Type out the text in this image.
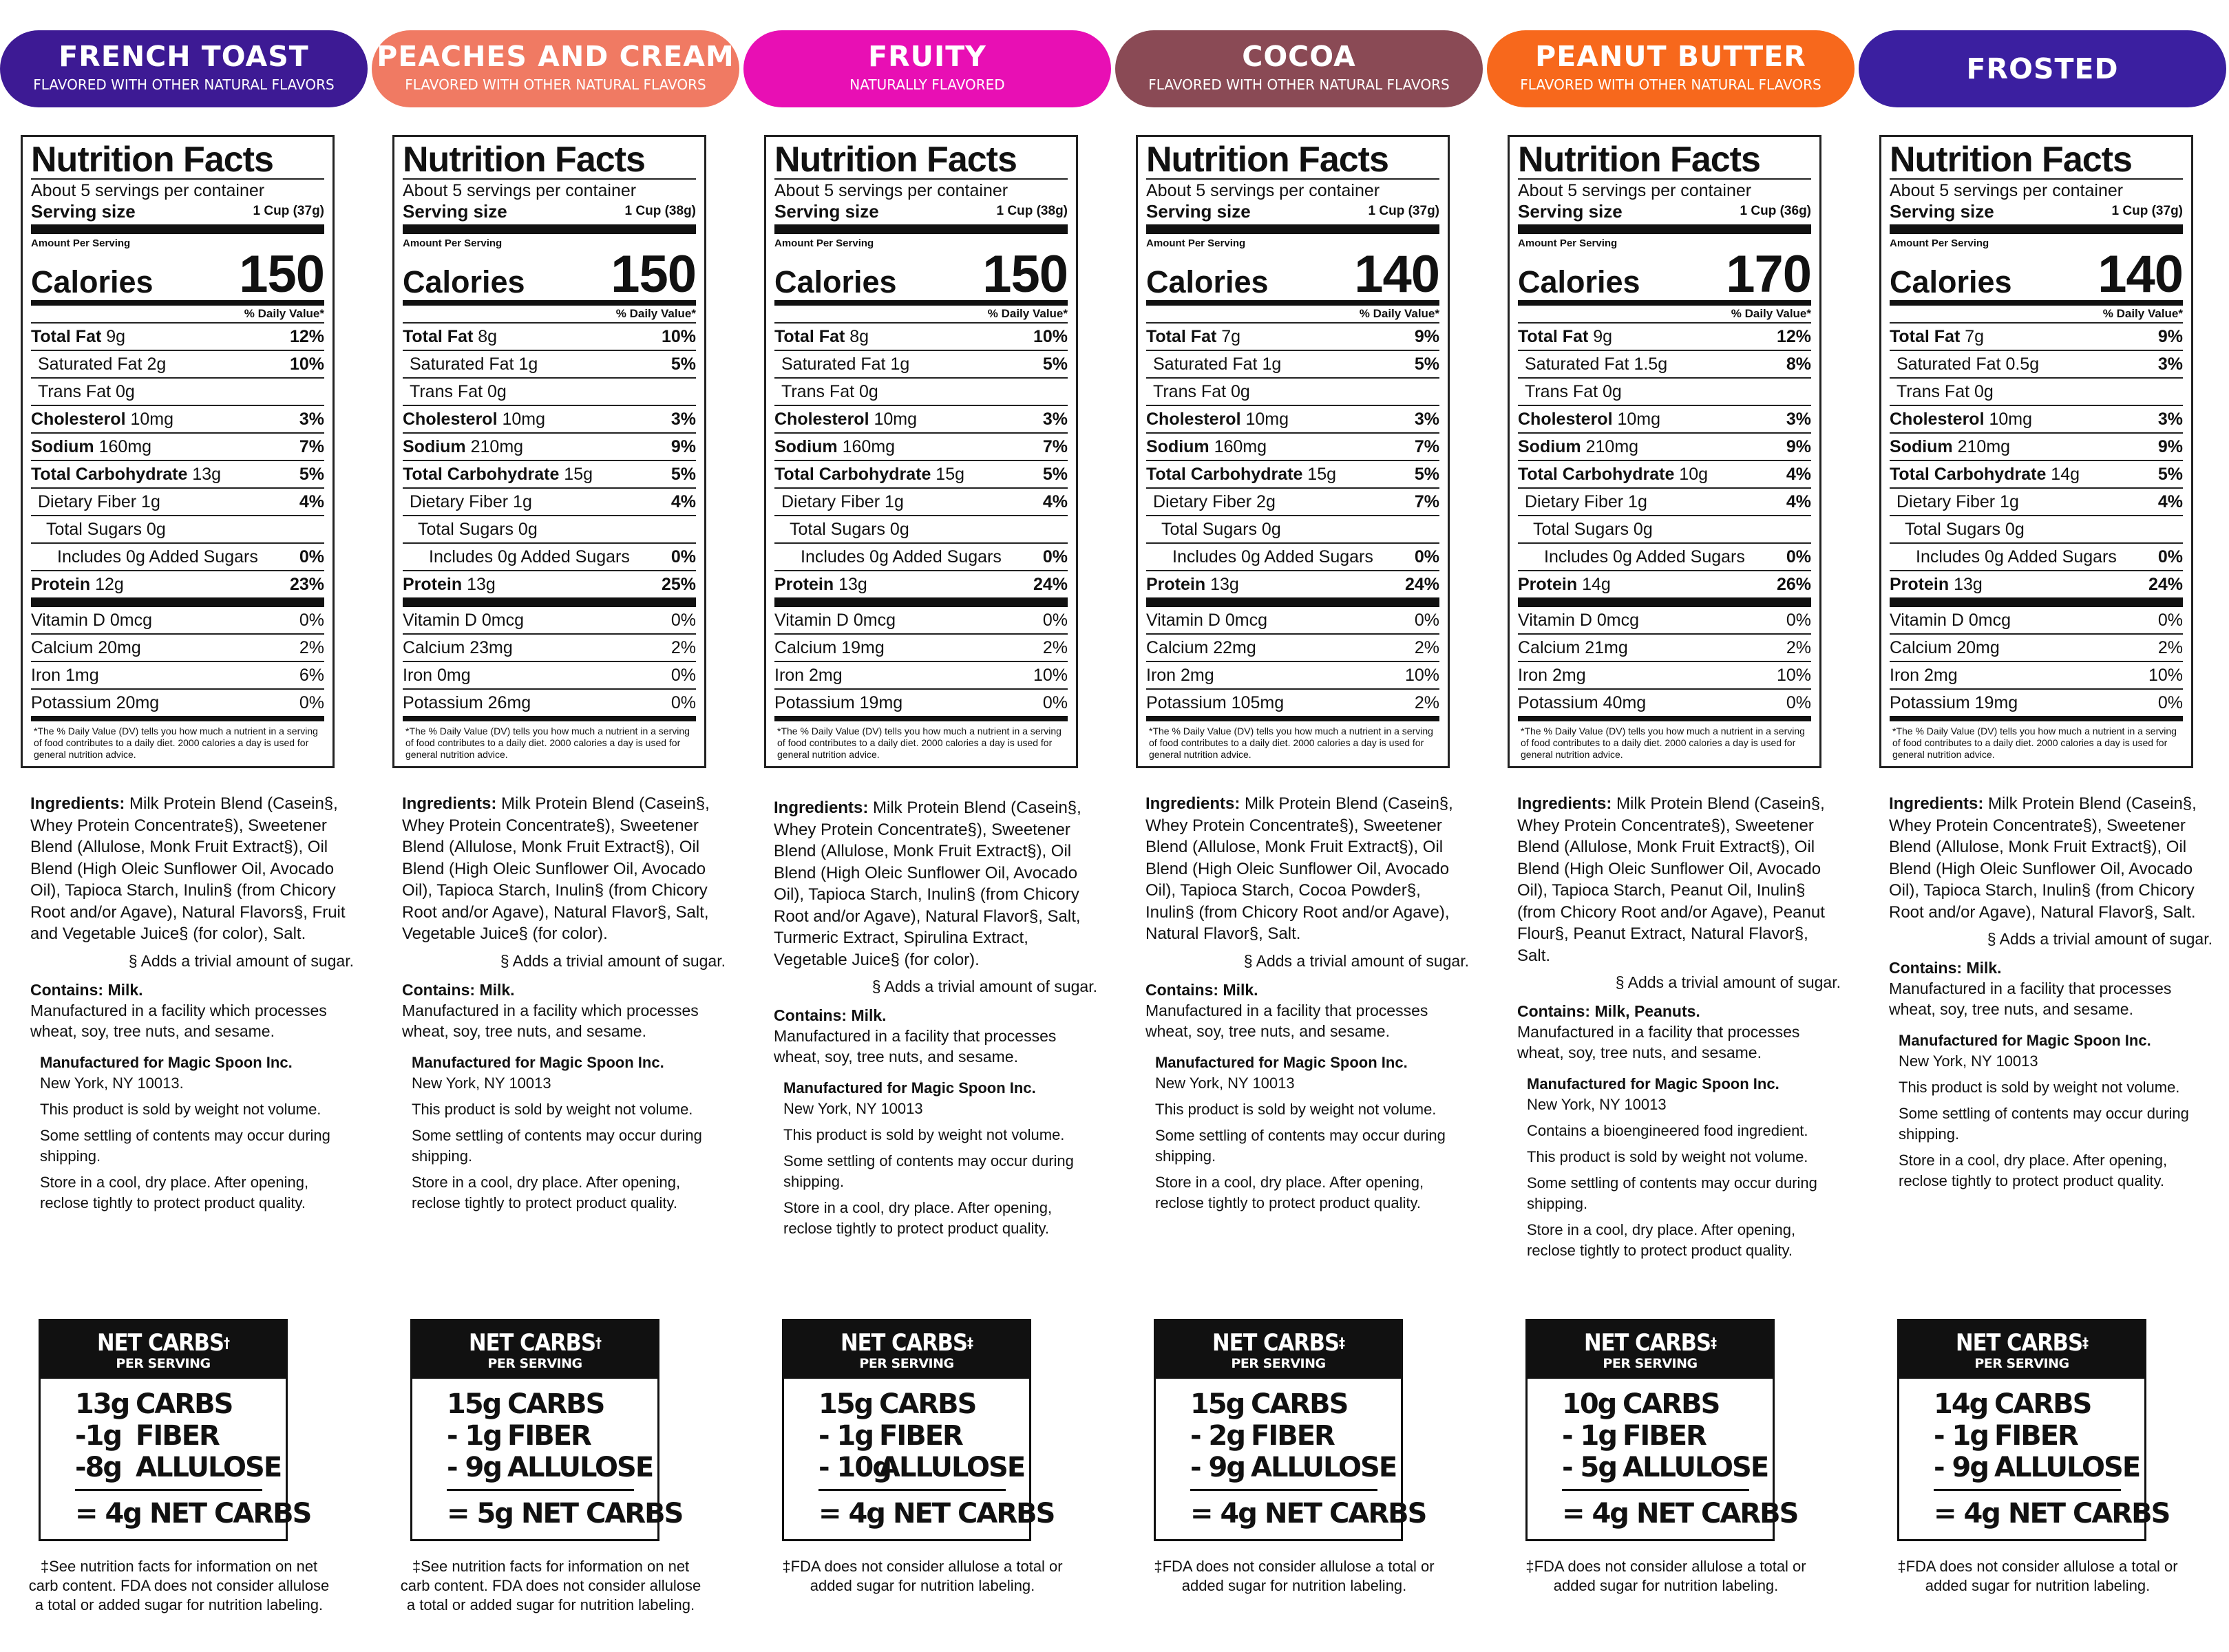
FRENCH TOAST
FLAVORED WITH OTHER NATURAL FLAVORS
Nutrition Facts
About 5 servings per container
Serving size	1 Cup (37g)
Amount Per Serving
Calories 150
% Daily Value*
Total Fat 9g	12%
Saturated Fat 2g	10%
Trans Fat 0g
Cholesterol 10mg	3%
Sodium 160mg	7%
Total Carbohydrate 13g	5%
Dietary Fiber 1g	4%
Total Sugars 0g
Includes 0g Added Sugars 0%
Protein 12g	23%
Vitamin D 0mcg	0%
Calcium 20mg	2%
Iron 1mg	6%
Potassium 20mg	0%
*The % Daily Value (DV) tells you how much a nutrient in a serving of food contributes to a daily diet. 2000 calories a day is used for general nutrition advice.
Ingredients: Milk Protein Blend (Casein§, Whey Protein Concentrate§), Sweetener Blend (Allulose, Monk Fruit Extract§), Oil Blend (High Oleic Sunflower Oil, Avocado Oil), Tapioca Starch, Inulin§ (from Chicory Root and/or Agave), Natural Flavors§, Fruit and Vegetable Juice§ (for color), Salt.
§ Adds a trivial amount of sugar.
Contains: Milk.
Manufactured in a facility which processes wheat, soy, tree nuts, and sesame.

Manufactured for Magic Spoon Inc.
New York, NY 10013.

This product is sold by weight not volume.

Some settling of contents may occur during shipping.

Store in a cool, dry place. After opening, reclose tightly to protect product quality.

NET CARBS†
PER SERVING
13g CARBS
-1g FIBER
-8g ALLULOSE
= 4g NET CARBS
‡See nutrition facts for information on net carb content. FDA does not consider allulose a total or added sugar for nutrition labeling.
PEACHES AND CREAM
FLAVORED WITH OTHER NATURAL FLAVORS
Nutrition Facts
About 5 servings per container
Serving size	1 Cup (38g)
Amount Per Serving
Calories 150
% Daily Value*
Total Fat 8g	10%
Saturated Fat 1g	5%
Trans Fat 0g
Cholesterol 10mg	3%
Sodium 210mg	9%
Total Carbohydrate 15g	5%
Dietary Fiber 1g	4%
Total Sugars 0g
Includes 0g Added Sugars 0%
Protein 13g	25%
Vitamin D 0mcg	0%
Calcium 23mg	2%
Iron 0mg	0%
Potassium 26mg	0%
*The % Daily Value (DV) tells you how much a nutrient in a serving of food contributes to a daily diet. 2000 calories a day is used for general nutrition advice.
Ingredients: Milk Protein Blend (Casein§, Whey Protein Concentrate§), Sweetener Blend (Allulose, Monk Fruit Extract§), Oil Blend (High Oleic Sunflower Oil, Avocado Oil), Tapioca Starch, Inulin§ (from Chicory Root and/or Agave), Natural Flavor§, Salt, Vegetable Juice§ (for color).
§ Adds a trivial amount of sugar.
Contains: Milk.
Manufactured in a facility which processes wheat, soy, tree nuts, and sesame.

Manufactured for Magic Spoon Inc.
New York, NY 10013

This product is sold by weight not volume.

Some settling of contents may occur during shipping.

Store in a cool, dry place. After opening, reclose tightly to protect product quality.

NET CARBS†
PER SERVING
15g CARBS
- 1g FIBER
- 9g ALLULOSE
= 5g NET CARBS
‡See nutrition facts for information on net carb content. FDA does not consider allulose a total or added sugar for nutrition labeling.
FRUITY
NATURALLY FLAVORED
Nutrition Facts
About 5 servings per container
Serving size	1 Cup (38g)
Amount Per Serving
Calories 150
% Daily Value*
Total Fat 8g	10%
Saturated Fat 1g	5%
Trans Fat 0g
Cholesterol 10mg	3%
Sodium 160mg	7%
Total Carbohydrate 15g	5%
Dietary Fiber 1g	4%
Total Sugars 0g
Includes 0g Added Sugars 0%
Protein 13g	24%
Vitamin D 0mcg	0%
Calcium 19mg	2%
Iron 2mg	10%
Potassium 19mg	0%
*The % Daily Value (DV) tells you how much a nutrient in a serving of food contributes to a daily diet. 2000 calories a day is used for general nutrition advice.
Ingredients: Milk Protein Blend (Casein§, Whey Protein Concentrate§), Sweetener Blend (Allulose, Monk Fruit Extract§), Oil Blend (High Oleic Sunflower Oil, Avocado Oil), Tapioca Starch, Inulin§ (from Chicory Root and/or Agave), Natural Flavor§, Salt, Turmeric Extract, Spirulina Extract, Vegetable Juice§ (for color).
§ Adds a trivial amount of sugar.
Contains: Milk.
Manufactured in a facility that processes wheat, soy, tree nuts, and sesame.

Manufactured for Magic Spoon Inc.
New York, NY 10013

This product is sold by weight not volume.

Some settling of contents may occur during shipping.

Store in a cool, dry place. After opening, reclose tightly to protect product quality.

NET CARBS‡
PER SERVING
15g CARBS
- 1g FIBER
- 10gALLULOSE
= 4g NET CARBS
‡FDA does not consider allulose a total or added sugar for nutrition labeling.
COCOA
FLAVORED WITH OTHER NATURAL FLAVORS
Nutrition Facts
About 5 servings per container
Serving size	1 Cup (37g)
Amount Per Serving
Calories 140
% Daily Value*
Total Fat 7g	9%
Saturated Fat 1g	5%
Trans Fat 0g
Cholesterol 10mg	3%
Sodium 160mg	7%
Total Carbohydrate 15g	5%
Dietary Fiber 2g	7%
Total Sugars 0g
Includes 0g Added Sugars 0%
Protein 13g	24%
Vitamin D 0mcg	0%
Calcium 22mg	2%
Iron 2mg	10%
Potassium 105mg	2%
*The % Daily Value (DV) tells you how much a nutrient in a serving of food contributes to a daily diet. 2000 calories a day is used for general nutrition advice.
Ingredients: Milk Protein Blend (Casein§, Whey Protein Concentrate§), Sweetener Blend (Allulose, Monk Fruit Extract§), Oil Blend (High Oleic Sunflower Oil, Avocado Oil), Tapioca Starch, Cocoa Powder§, Inulin§ (from Chicory Root and/or Agave), Natural Flavor§, Salt.
§ Adds a trivial amount of sugar.
Contains: Milk.
Manufactured in a facility that processes wheat, soy, tree nuts, and sesame.

Manufactured for Magic Spoon Inc.
New York, NY 10013

This product is sold by weight not volume.

Some settling of contents may occur during shipping.

Store in a cool, dry place. After opening, reclose tightly to protect product quality.

NET CARBS‡
PER SERVING
15g CARBS
- 2g FIBER
- 9g ALLULOSE
= 4g NET CARBS
‡FDA does not consider allulose a total or added sugar for nutrition labeling.
PEANUT BUTTER
FLAVORED WITH OTHER NATURAL FLAVORS
Nutrition Facts
About 5 servings per container
Serving size	1 Cup (36g)
Amount Per Serving
Calories 170
% Daily Value*
Total Fat 9g	12%
Saturated Fat 1.5g	8%
Trans Fat 0g
Cholesterol 10mg	3%
Sodium 210mg	9%
Total Carbohydrate 10g	4%
Dietary Fiber 1g	4%
Total Sugars 0g
Includes 0g Added Sugars 0%
Protein 14g	26%
Vitamin D 0mcg	0%
Calcium 21mg	2%
Iron 2mg	10%
Potassium 40mg	0%
*The % Daily Value (DV) tells you how much a nutrient in a serving of food contributes to a daily diet. 2000 calories a day is used for general nutrition advice.
Ingredients: Milk Protein Blend (Casein§, Whey Protein Concentrate§), Sweetener Blend (Allulose, Monk Fruit Extract§), Oil Blend (High Oleic Sunflower Oil, Avocado Oil), Tapioca Starch, Peanut Oil, Inulin§ (from Chicory Root and/or Agave), Peanut Flour§, Peanut Extract, Natural Flavor§, Salt.
§ Adds a trivial amount of sugar.
Contains: Milk, Peanuts.
Manufactured in a facility that processes wheat, soy, tree nuts, and sesame.

Manufactured for Magic Spoon Inc.
New York, NY 10013

Contains a bioengineered food ingredient.

This product is sold by weight not volume.

Some settling of contents may occur during shipping.

Store in a cool, dry place. After opening, reclose tightly to protect product quality.

NET CARBS‡
PER SERVING
10g CARBS
- 1g FIBER
- 5g ALLULOSE
= 4g NET CARBS
‡FDA does not consider allulose a total or added sugar for nutrition labeling.
FROSTED
Nutrition Facts
About 5 servings per container
Serving size	1 Cup (37g)
Amount Per Serving
Calories 140
% Daily Value*
Total Fat 7g	9%
Saturated Fat 0.5g	3%
Trans Fat 0g
Cholesterol 10mg	3%
Sodium 210mg	9%
Total Carbohydrate 14g	5%
Dietary Fiber 1g	4%
Total Sugars 0g
Includes 0g Added Sugars 0%
Protein 13g	24%
Vitamin D 0mcg	0%
Calcium 20mg	2%
Iron 2mg	10%
Potassium 19mg	0%
*The % Daily Value (DV) tells you how much a nutrient in a serving of food contributes to a daily diet. 2000 calories a day is used for general nutrition advice.
Ingredients: Milk Protein Blend (Casein§, Whey Protein Concentrate§), Sweetener Blend (Allulose, Monk Fruit Extract§), Oil Blend (High Oleic Sunflower Oil, Avocado Oil), Tapioca Starch, Inulin§ (from Chicory Root and/or Agave), Natural Flavor§, Salt.
§ Adds a trivial amount of sugar.
Contains: Milk.
Manufactured in a facility that processes wheat, soy, tree nuts, and sesame.

Manufactured for Magic Spoon Inc.
New York, NY 10013

This product is sold by weight not volume.

Some settling of contents may occur during shipping.

Store in a cool, dry place. After opening, reclose tightly to protect product quality.

NET CARBS‡
PER SERVING
14g CARBS
- 1g FIBER
- 9g ALLULOSE
= 4g NET CARBS
‡FDA does not consider allulose a total or added sugar for nutrition labeling.
